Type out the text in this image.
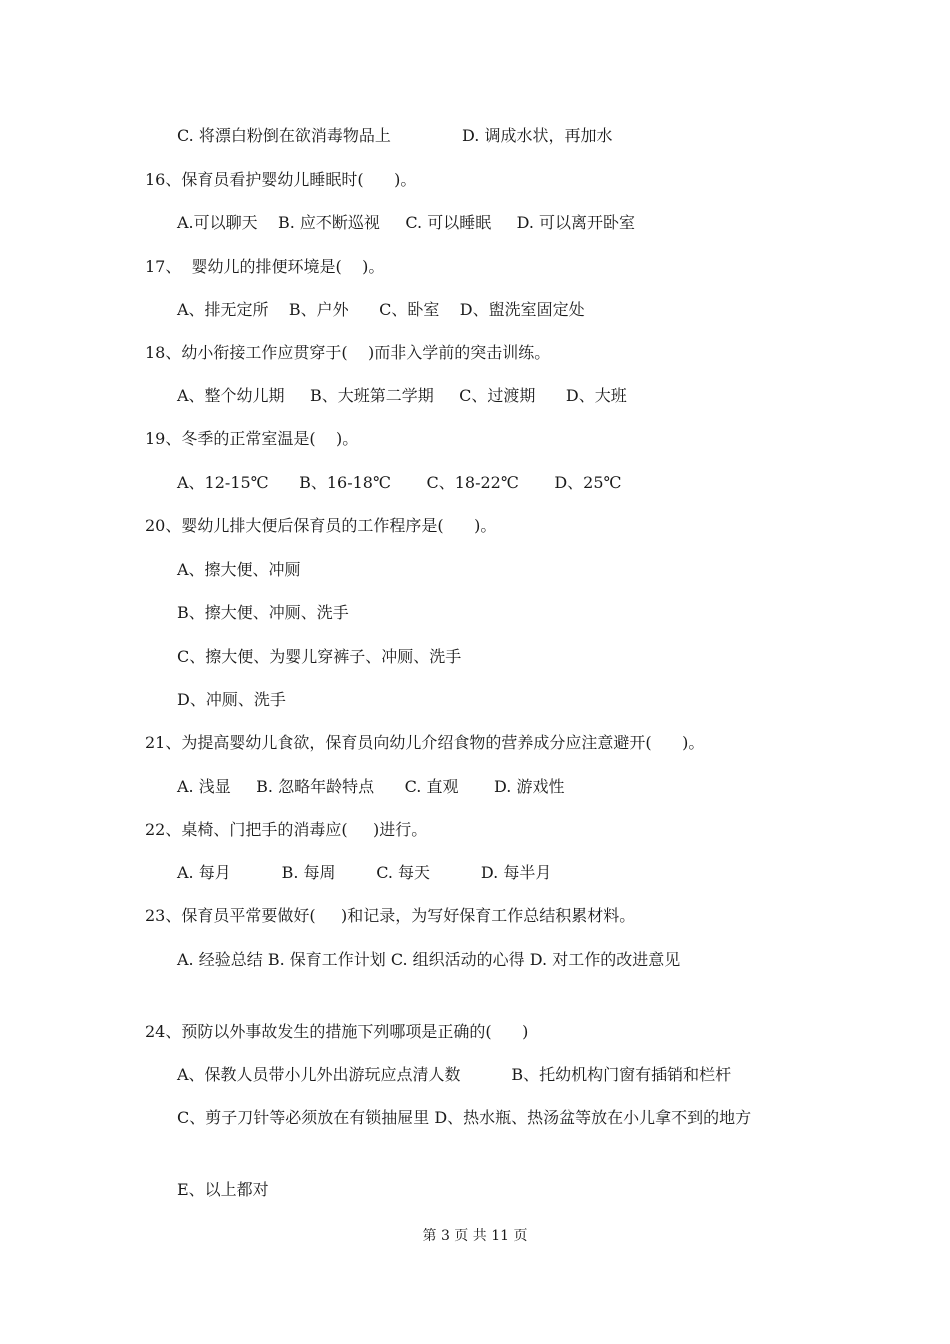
C. 将漂白粉倒在欲消毒物品上              D. 调成水状，再加水
16、保育员看护婴幼儿睡眠时(      )。
A.可以聊天    B. 应不断巡视     C. 可以睡眠     D. 可以离开卧室
17、  婴幼儿的排便环境是(    )。
A、排无定所    B、户外      C、卧室    D、盥洗室固定处
18、幼小衔接工作应贯穿于(    )而非入学前的突击训练。
A、整个幼儿期     B、大班第二学期     C、过渡期      D、大班
19、冬季的正常室温是(    )。
A、12-15℃      B、16-18℃       C、18-22℃       D、25℃
20、婴幼儿排大便后保育员的工作程序是(      )。
A、擦大便、冲厕
B、擦大便、冲厕、洗手
C、擦大便、为婴儿穿裤子、冲厕、洗手
D、冲厕、洗手
21、为提高婴幼儿食欲，保育员向幼儿介绍食物的营养成分应注意避开(      )。
A. 浅显     B. 忽略年龄特点      C. 直观       D. 游戏性
22、桌椅、门把手的消毒应(     )进行。
A. 每月          B. 每周        C. 每天          D. 每半月
23、保育员平常要做好(     )和记录，为写好保育工作总结积累材料。
A. 经验总结 B. 保育工作计划 C. 组织活动的心得 D. 对工作的改进意见
24、预防以外事故发生的措施下列哪项是正确的(      )
A、保教人员带小儿外出游玩应点清人数          B、托幼机构门窗有插销和栏杆
C、剪子刀针等必须放在有锁抽屉里 D、热水瓶、热汤盆等放在小儿拿不到的地方
E、以上都对
第 3 页 共 11 页
